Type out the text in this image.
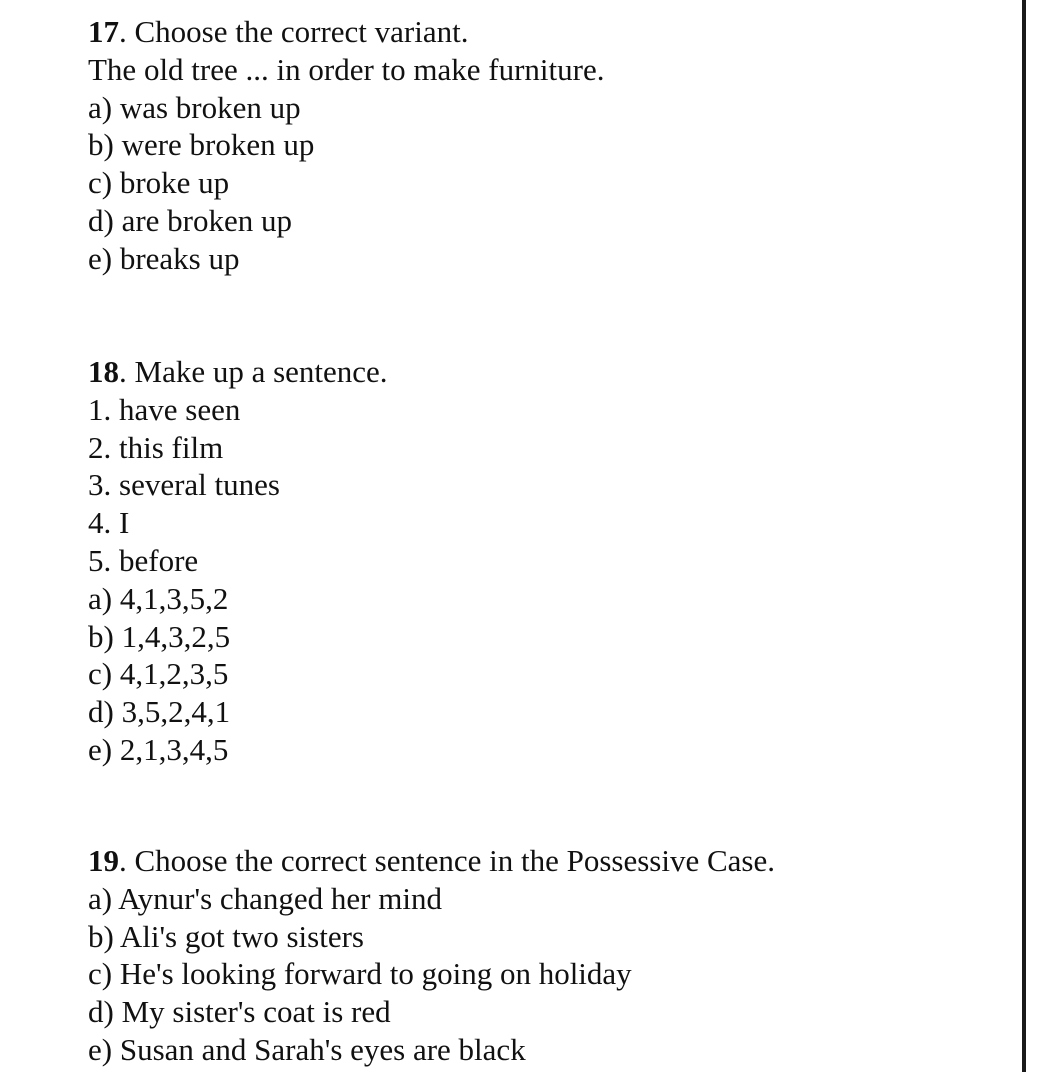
17. Choose the correct variant.
The old tree ... in order to make furniture.
a) was broken up
b) were broken up
c) broke up
d) are broken up
e) breaks up
18. Make up a sentence.
1. have seen
2. this film
3. several tunes
4. I
5. before
a) 4,1,3,5,2
b) 1,4,3,2,5
c) 4,1,2,3,5
d) 3,5,2,4,1
e) 2,1,3,4,5
19. Choose the correct sentence in the Possessive Case.
a) Aynur's changed her mind
b) Ali's got two sisters
c) He's looking forward to going on holiday
d) My sister's coat is red
e) Susan and Sarah's eyes are black
